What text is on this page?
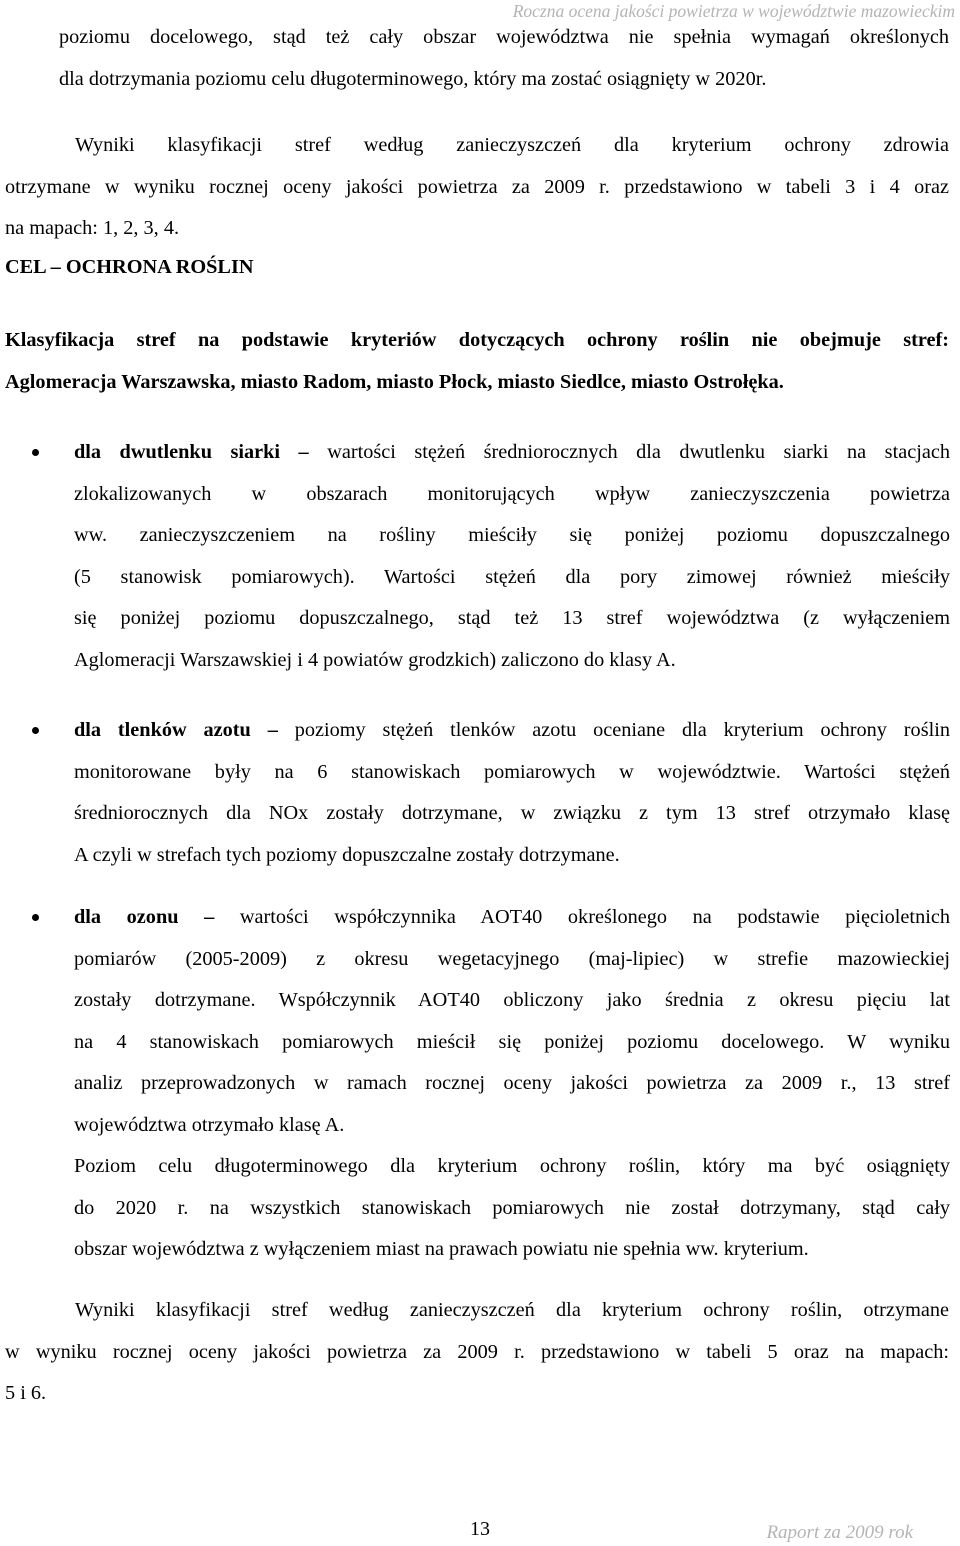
Roczna ocena jakości powietrza w województwie mazowieckim
poziomu docelowego, stąd też cały obszar województwa nie spełnia wymagań określonych
dla dotrzymania poziomu celu długoterminowego, który ma zostać osiągnięty w 2020r.
Wyniki klasyfikacji stref według zanieczyszczeń dla kryterium ochrony zdrowia
otrzymane w wyniku rocznej oceny jakości powietrza za 2009 r. przedstawiono w tabeli 3 i 4 oraz
na mapach: 1, 2, 3, 4.
CEL – OCHRONA ROŚLIN
Klasyfikacja stref na podstawie kryteriów dotyczących ochrony roślin nie obejmuje stref:
Aglomeracja Warszawska, miasto Radom, miasto Płock, miasto Siedlce, miasto Ostrołęka.
dla dwutlenku siarki – wartości stężeń średniorocznych dla dwutlenku siarki na stacjach
zlokalizowanych w obszarach monitorujących wpływ zanieczyszczenia powietrza
ww. zanieczyszczeniem na rośliny mieściły się poniżej poziomu dopuszczalnego
(5 stanowisk pomiarowych). Wartości stężeń dla pory zimowej również mieściły
się poniżej poziomu dopuszczalnego, stąd też 13 stref województwa (z wyłączeniem
Aglomeracji Warszawskiej i 4 powiatów grodzkich) zaliczono do klasy A.
dla tlenków azotu – poziomy stężeń tlenków azotu oceniane dla kryterium ochrony roślin
monitorowane były na 6 stanowiskach pomiarowych w województwie. Wartości stężeń
średniorocznych dla NOx zostały dotrzymane, w związku z tym 13 stref otrzymało klasę
A czyli w strefach tych poziomy dopuszczalne zostały dotrzymane.
dla ozonu – wartości współczynnika AOT40 określonego na podstawie pięcioletnich
pomiarów (2005-2009) z okresu wegetacyjnego (maj-lipiec) w strefie mazowieckiej
zostały dotrzymane. Współczynnik AOT40 obliczony jako średnia z okresu pięciu lat
na 4 stanowiskach pomiarowych mieścił się poniżej poziomu docelowego. W wyniku
analiz przeprowadzonych w ramach rocznej oceny jakości powietrza za 2009 r., 13 stref
województwa otrzymało klasę A.
Poziom celu długoterminowego dla kryterium ochrony roślin, który ma być osiągnięty
do 2020 r. na wszystkich stanowiskach pomiarowych nie został dotrzymany, stąd cały
obszar województwa z wyłączeniem miast na prawach powiatu nie spełnia ww. kryterium.
Wyniki klasyfikacji stref według zanieczyszczeń dla kryterium ochrony roślin, otrzymane
w wyniku rocznej oceny jakości powietrza za 2009 r. przedstawiono w tabeli 5 oraz na mapach:
5 i 6.
13	Raport za 2009 rok
